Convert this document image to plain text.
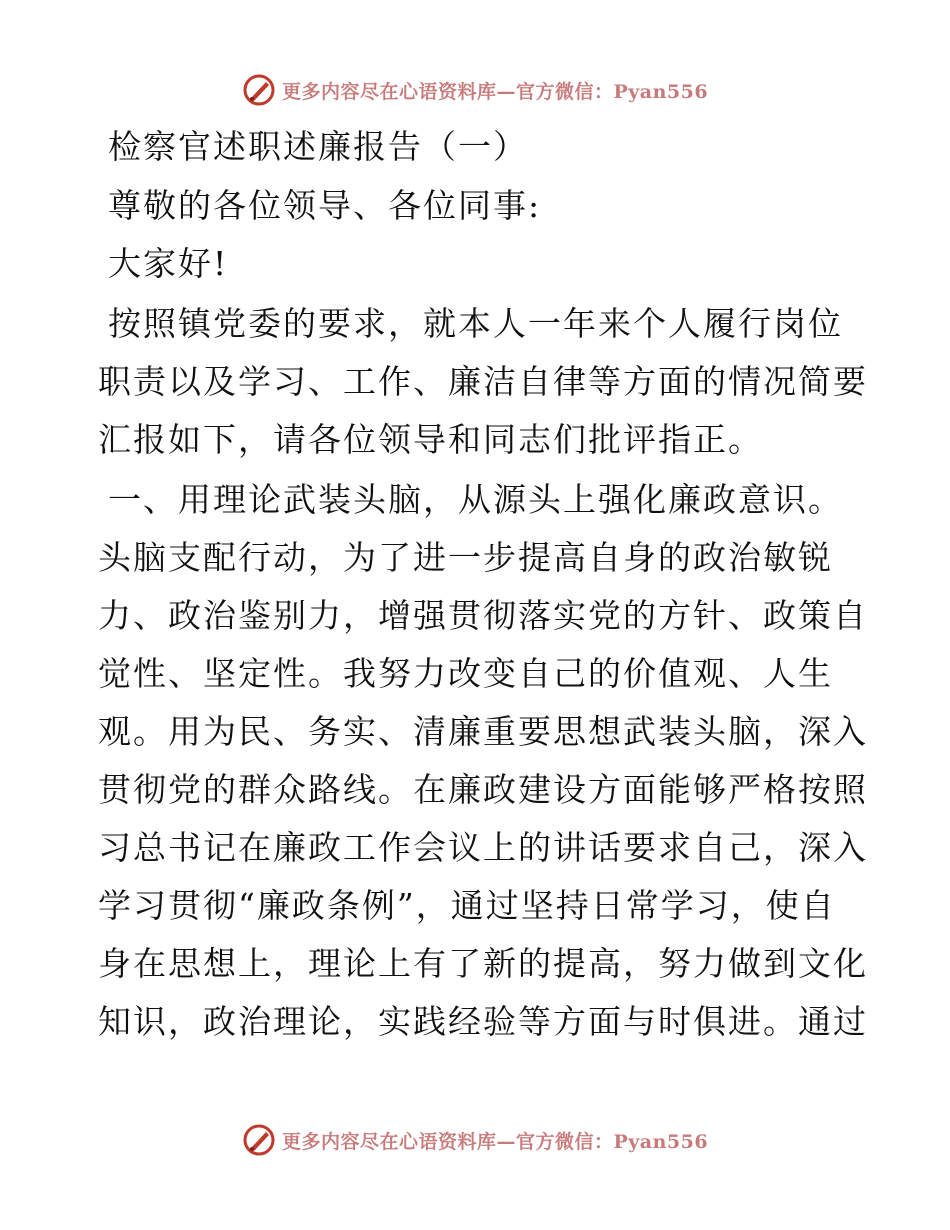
更多内容尽在心语资料库—官方微信：Pyan556
检察官述职述廉报告（一）
尊敬的各位领导、各位同事:
大家好!
按照镇党委的要求，就本人一年来个人履行岗位
职责以及学习、工作、廉洁自律等方面的情况简要
汇报如下，请各位领导和同志们批评指正。
一、用理论武装头脑，从源头上强化廉政意识。
头脑支配行动，为了进一步提高自身的政治敏锐
力、政治鉴别力，增强贯彻落实党的方针、政策自
觉性、坚定性。我努力改变自己的价值观、人生
观。用为民、务实、清廉重要思想武装头脑，深入
贯彻党的群众路线。在廉政建设方面能够严格按照
习总书记在廉政工作会议上的讲话要求自己，深入
学习贯彻“廉政条例”，通过坚持日常学习，使自
身在思想上，理论上有了新的提高，努力做到文化
知识，政治理论，实践经验等方面与时俱进。通过
更多内容尽在心语资料库—官方微信：Pyan556
